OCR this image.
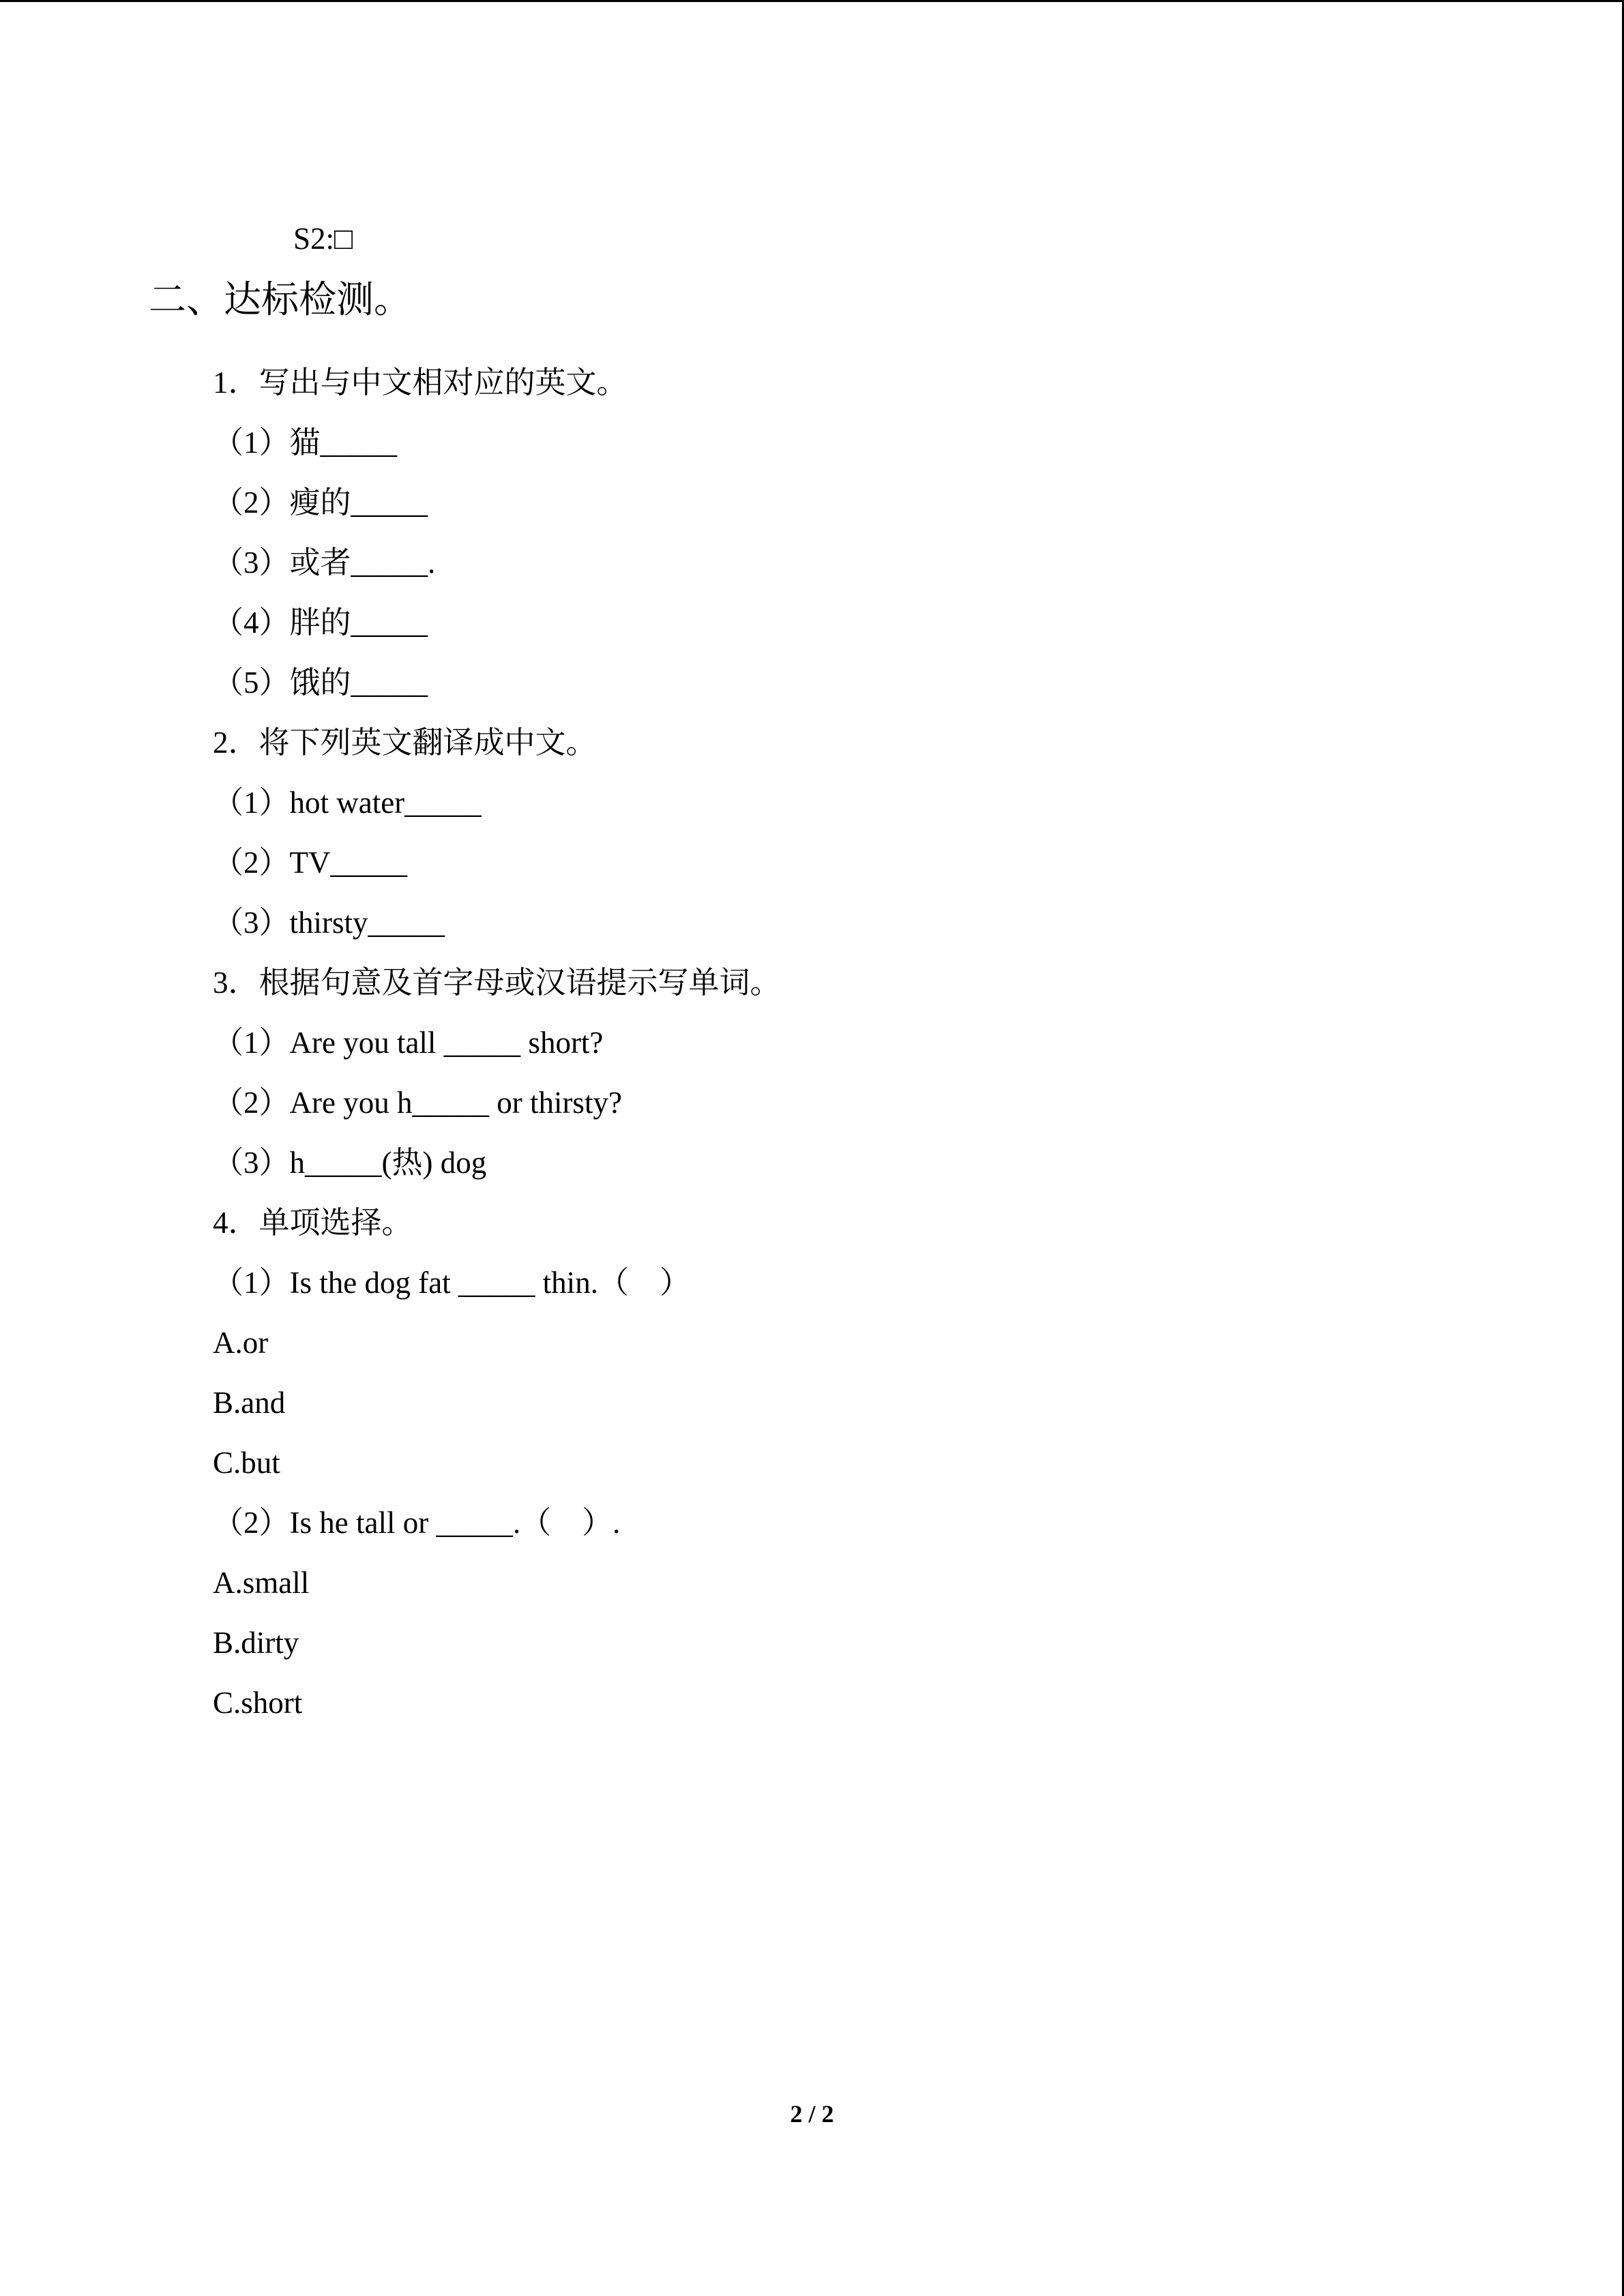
S2:□
二、达标检测。
1．写出与中文相对应的英文。
（1）猫_____
（2）瘦的_____
（3）或者_____.
（4）胖的_____
（5）饿的_____
2．将下列英文翻译成中文。
（1）hot water_____
（2）TV_____
（3）thirsty_____
3．根据句意及首字母或汉语提示写单词。
（1）Are you tall _____ short?
（2）Are you h_____ or thirsty?
（3）h_____(热) dog
4．单项选择。
（1）Is the dog fat _____ thin.（　）
A.or
B.and
C.but
（2）Is he tall or _____.（　）.
A.small
B.dirty
C.short
2 / 2
